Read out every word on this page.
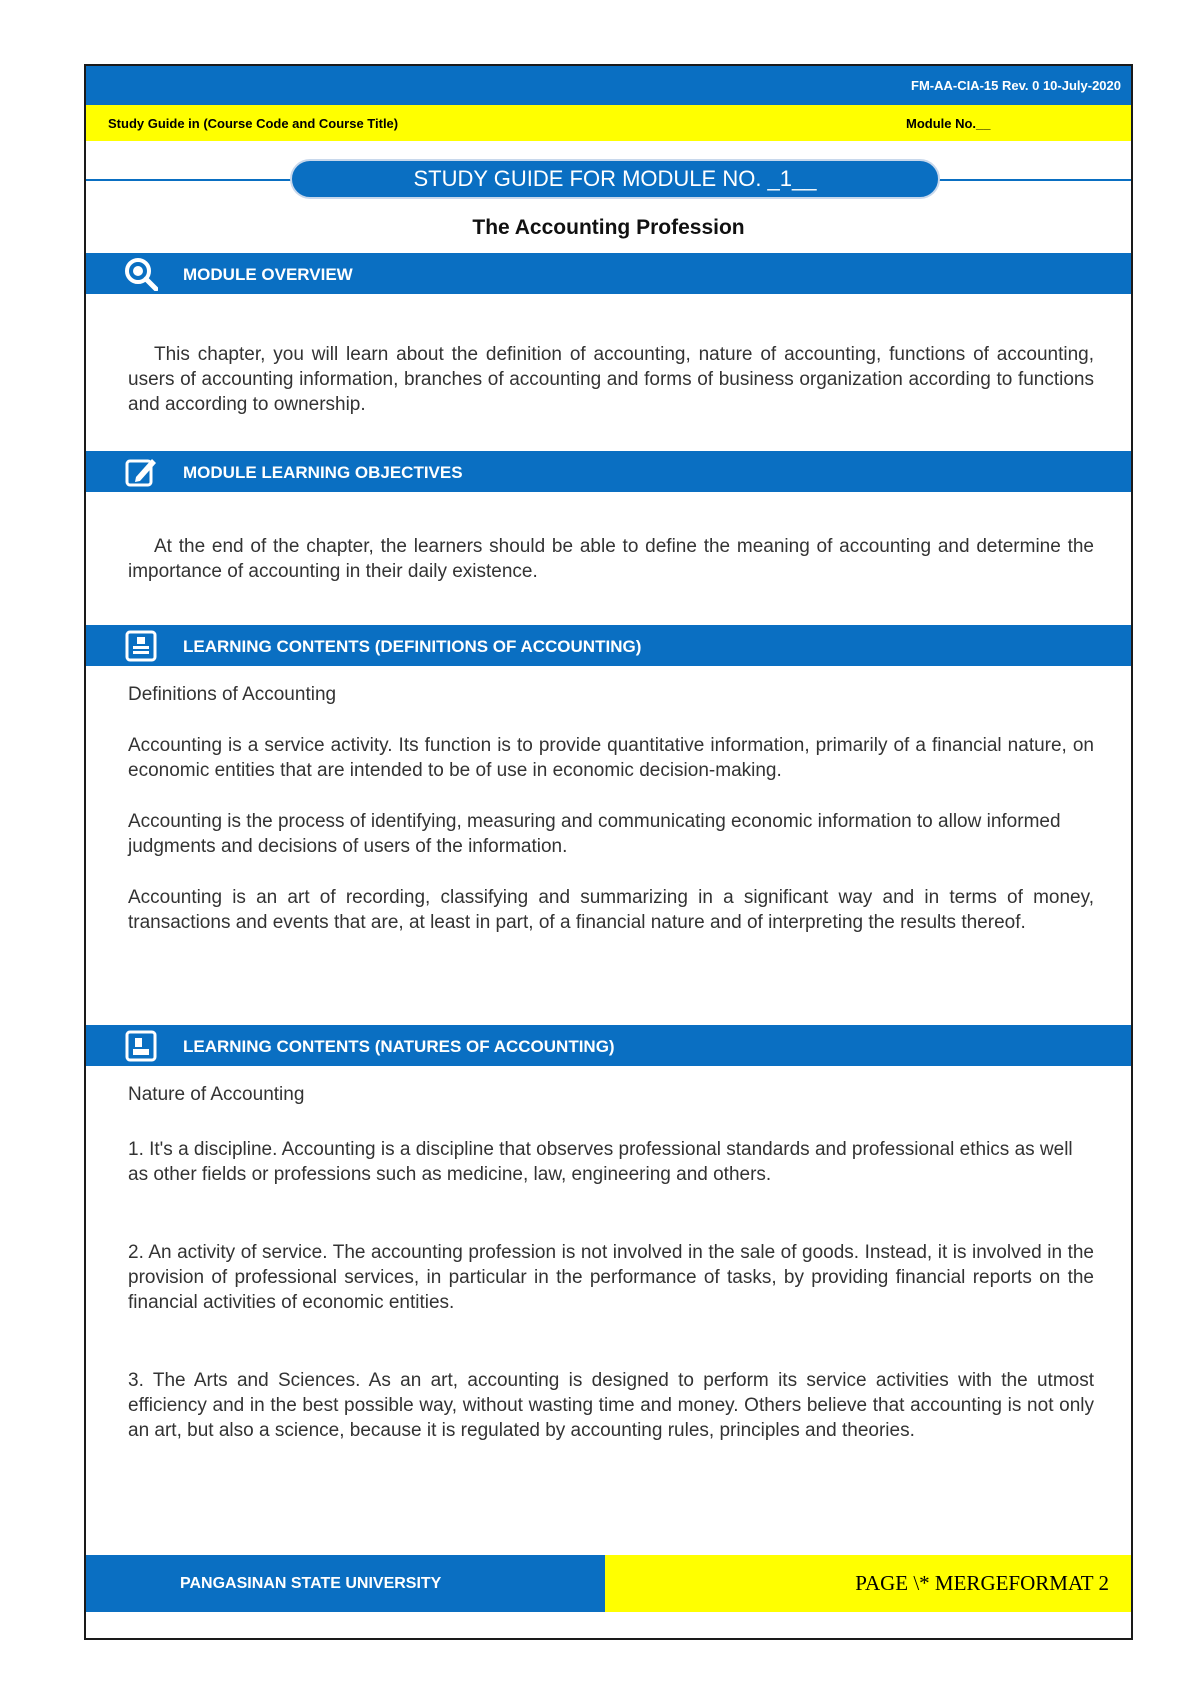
FM-AA-CIA-15 Rev. 0 10-July-2020
Study Guide in (Course Code and Course Title)	Module No.__
STUDY GUIDE FOR MODULE NO. _1__
The Accounting Profession
MODULE OVERVIEW

This chapter, you will learn about the definition of accounting, nature of accounting, functions of accounting, users of accounting information, branches of accounting and forms of business organization according to functions and according to ownership.

MODULE LEARNING OBJECTIVES

At the end of the chapter, the learners should be able to define the meaning of accounting and determine the importance of accounting in their daily existence.

LEARNING CONTENTS (DEFINITIONS OF ACCOUNTING)

Definitions of Accounting

Accounting is a service activity. Its function is to provide quantitative information, primarily of a financial nature, on economic entities that are intended to be of use in economic decision-making.

Accounting is the process of identifying, measuring and communicating economic information to allow informed judgments and decisions of users of the information.

Accounting is an art of recording, classifying and summarizing in a significant way and in terms of money, transactions and events that are, at least in part, of a financial nature and of interpreting the results thereof.

LEARNING CONTENTS (NATURES OF ACCOUNTING)

Nature of Accounting

1. It's a discipline. Accounting is a discipline that observes professional standards and professional ethics as well as other fields or professions such as medicine, law, engineering and others.

2. An activity of service. The accounting profession is not involved in the sale of goods. Instead, it is involved in the provision of professional services, in particular in the performance of tasks, by providing financial reports on the financial activities of economic entities.

3. The Arts and Sciences. As an art, accounting is designed to perform its service activities with the utmost efficiency and in the best possible way, without wasting time and money. Others believe that accounting is not only an art, but also a science, because it is regulated by accounting rules, principles and theories.

PANGASINAN STATE UNIVERSITY	PAGE \* MERGEFORMAT 2
